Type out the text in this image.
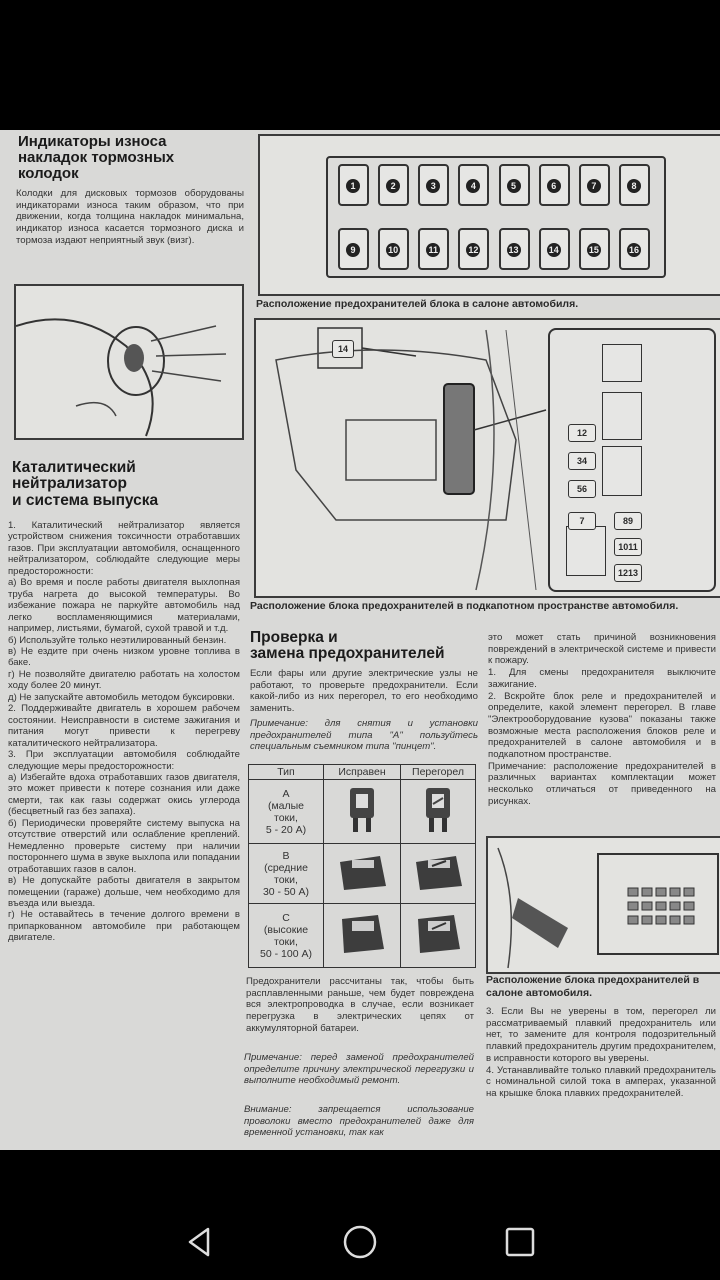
Индикаторы износа
накладок тормозных
колодок
Колодки для дисковых тормозов оборудованы индикаторами износа таким образом, что при движении, когда толщина накладок минимальна, индикатор износа касается тормозного диска и тормоза издают неприятный звук (визг).
Каталитический
нейтрализатор
и система выпуска
1. Каталитический нейтрализатор является устройством снижения токсичности отработавших газов. При эксплуатации автомобиля, оснащенного нейтрализатором, соблюдайте следующие меры предосторожности:
а) Во время и после работы двигателя выхлопная труба нагрета до высокой температуры. Во избежание пожара не паркуйте автомобиль над легко воспламеняющимися материалами, например, листьями, бумагой, сухой травой и т.д.
б) Используйте только неэтилированный бензин.
в) Не ездите при очень низком уровне топлива в баке.
г) Не позволяйте двигателю работать на холостом ходу более 20 минут.
д) Не запускайте автомобиль методом буксировки.
2. Поддерживайте двигатель в хорошем рабочем состоянии. Неисправности в системе зажигания и питания могут привести к перегреву каталитического нейтрализатора.
3. При эксплуатации автомобиля соблюдайте следующие меры предосторожности:
а) Избегайте вдоха отработавших газов двигателя, это может привести к потере сознания или даже смерти, так как газы содержат окись углерода (бесцветный газ без запаха).
б) Периодически проверяйте систему выпуска на отсутствие отверстий или ослабление креплений. Немедленно проверьте систему при наличии постороннего шума в звуке выхлопа или попадании отработавших газов в салон.
в) Не допускайте работы двигателя в закрытом помещении (гараже) дольше, чем необходимо для въезда или выезда.
г) Не оставайтесь в течение долгого времени в припаркованном автомобиле при работающем двигателе.
1	2	3	4	5	6	7	8
9	10	11	12	13	14	15	16
Расположение предохранителей блока в салоне автомобиля.
14
12
34
56
7	89
1011
1213
Расположение блока предохранителей в подкапотном пространстве автомобиля.
Проверка и
замена предохранителей
Если фары или другие электрические узлы не работают, то проверьте предохранители. Если какой-либо из них перегорел, то его необходимо заменить.
Примечание: для снятия и установки предохранителей типа "А" пользуйтесь специальным съемником типа "пинцет".
Тип	Исправен	Перегорел
А
(малые
токи,
5 - 20 А)		
В
(средние
токи,
30 - 50 А)		
С
(высокие
токи,
50 - 100 А)		
Предохранители рассчитаны так, чтобы быть расплавленными раньше, чем будет повреждена вся электропроводка в случае, если возникает перегрузка в электрических цепях от аккумуляторной батареи.
Примечание: перед заменой предохранителей определите причину электрической перегрузки и выполните необходимый ремонт.
Внимание: запрещается использование проволоки вместо предохранителей даже для временной установки, так как
это может стать причиной возникновения повреждений в электрической системе и привести к пожару.
1. Для смены предохранителя выключите зажигание.
2. Вскройте блок реле и предохранителей и определите, какой элемент перегорел. В главе "Электрооборудование кузова" показаны также возможные места расположения блоков реле и предохранителей в салоне автомобиля и в подкапотном пространстве.
Примечание: расположение предохранителей в различных вариантах комплектации может несколько отличаться от приведенного на рисунках.
Расположение блока предохранителей в салоне автомобиля.
3. Если Вы не уверены в том, перегорел ли рассматриваемый плавкий предохранитель или нет, то замените для контроля подозрительный плавкий предохранитель другим предохранителем, в исправности которого вы уверены.
4. Устанавливайте только плавкий предохранитель с номинальной силой тока в амперах, указанной на крышке блока плавких предохранителей.
